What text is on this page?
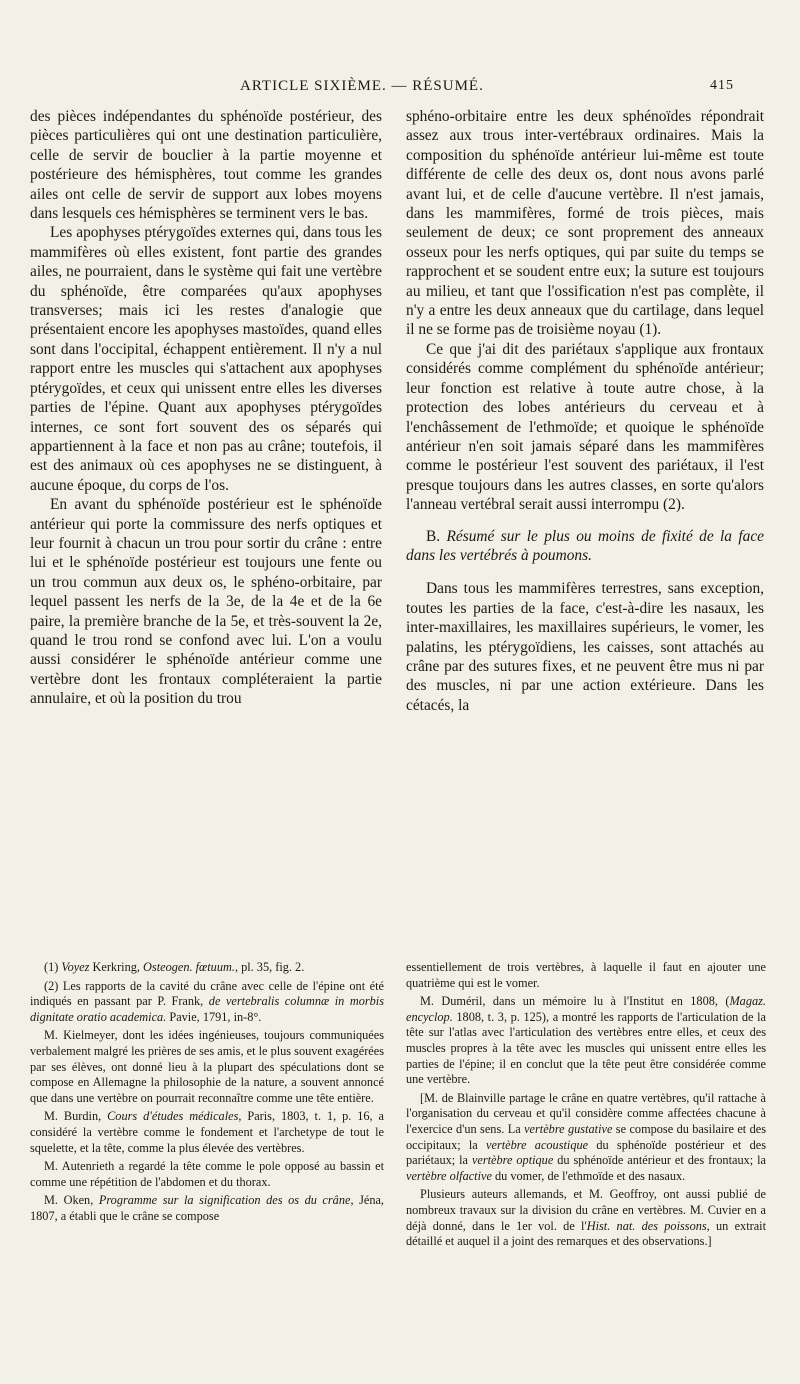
ARTICLE SIXIÈME. — RÉSUMÉ.	415

des pièces indépendantes du sphénoïde postérieur, des pièces particulières qui ont une destination particulière, celle de servir de bouclier à la partie moyenne et postérieure des hémisphères, tout comme les grandes ailes ont celle de servir de support aux lobes moyens dans lesquels ces hémisphères se terminent vers le bas.

Les apophyses ptérygoïdes externes qui, dans tous les mammifères où elles existent, font partie des grandes ailes, ne pourraient, dans le système qui fait une vertèbre du sphénoïde, être comparées qu'aux apophyses transverses; mais ici les restes d'analogie que présentaient encore les apophyses mastoïdes, quand elles sont dans l'occipital, échappent entièrement. Il n'y a nul rapport entre les muscles qui s'attachent aux apophyses ptérygoïdes, et ceux qui unissent entre elles les diverses parties de l'épine. Quant aux apophyses ptérygoïdes internes, ce sont fort souvent des os séparés qui appartiennent à la face et non pas au crâne; toutefois, il est des animaux où ces apophyses ne se distinguent, à aucune époque, du corps de l'os.

En avant du sphénoïde postérieur est le sphénoïde antérieur qui porte la commissure des nerfs optiques et leur fournit à chacun un trou pour sortir du crâne : entre lui et le sphénoïde postérieur est toujours une fente ou un trou commun aux deux os, le sphéno-orbitaire, par lequel passent les nerfs de la 3e, de la 4e et de la 6e paire, la première branche de la 5e, et très-souvent la 2e, quand le trou rond se confond avec lui. L'on a voulu aussi considérer le sphénoïde antérieur comme une vertèbre dont les frontaux compléteraient la partie annulaire, et où la position du trou

sphéno-orbitaire entre les deux sphénoïdes répondrait assez aux trous inter-vertébraux ordinaires. Mais la composition du sphénoïde antérieur lui-même est toute différente de celle des deux os, dont nous avons parlé avant lui, et de celle d'aucune vertèbre. Il n'est jamais, dans les mammifères, formé de trois pièces, mais seulement de deux; ce sont proprement des anneaux osseux pour les nerfs optiques, qui par suite du temps se rapprochent et se soudent entre eux; la suture est toujours au milieu, et tant que l'ossification n'est pas complète, il n'y a entre les deux anneaux que du cartilage, dans lequel il ne se forme pas de troisième noyau (1).

Ce que j'ai dit des pariétaux s'applique aux frontaux considérés comme complément du sphénoïde antérieur; leur fonction est relative à toute autre chose, à la protection des lobes antérieurs du cerveau et à l'enchâssement de l'ethmoïde; et quoique le sphénoïde antérieur n'en soit jamais séparé dans les mammifères comme le postérieur l'est souvent des pariétaux, il l'est presque toujours dans les autres classes, en sorte qu'alors l'anneau vertébral serait aussi interrompu (2).

B. Résumé sur le plus ou moins de fixité de la face dans les vertébrés à poumons.

Dans tous les mammifères terrestres, sans exception, toutes les parties de la face, c'est-à-dire les nasaux, les inter-maxillaires, les maxillaires supérieurs, le vomer, les palatins, les ptérygoïdiens, les caisses, sont attachés au crâne par des sutures fixes, et ne peuvent être mus ni par des muscles, ni par une action extérieure. Dans les cétacés, la

(1) Voyez Kerkring, Osteogen. fœtuum., pl. 35, fig. 2.

(2) Les rapports de la cavité du crâne avec celle de l'épine ont été indiqués en passant par P. Frank, de vertebralis columnæ in morbis dignitate oratio academica. Pavie, 1791, in-8°.

M. Kielmeyer, dont les idées ingénieuses, toujours communiquées verbalement malgré les prières de ses amis, et le plus souvent exagérées par ses élèves, ont donné lieu à la plupart des spéculations dont se compose en Allemagne la philosophie de la nature, a souvent annoncé que dans une vertèbre on pourrait reconnaître comme une tête entière.

M. Burdin, Cours d'études médicales, Paris, 1803, t. 1, p. 16, a considéré la vertèbre comme le fondement et l'archetype de tout le squelette, et la tête, comme la plus élevée des vertèbres.

M. Autenrieth a regardé la tête comme le pole opposé au bassin et comme une répétition de l'abdomen et du thorax.

M. Oken, Programme sur la signification des os du crâne, Jéna, 1807, a établi que le crâne se compose

essentiellement de trois vertèbres, à laquelle il faut en ajouter une quatrième qui est le vomer.

M. Duméril, dans un mémoire lu à l'Institut en 1808, (Magaz. encyclop. 1808, t. 3, p. 125), a montré les rapports de l'articulation de la tête sur l'atlas avec l'articulation des vertèbres entre elles, et ceux des muscles propres à la tête avec les muscles qui unissent entre elles les parties de l'épine; il en conclut que la tête peut être considérée comme une vertèbre.

[M. de Blainville partage le crâne en quatre vertèbres, qu'il rattache à l'organisation du cerveau et qu'il considère comme affectées chacune à l'exercice d'un sens. La vertèbre gustative se compose du basilaire et des occipitaux; la vertèbre acoustique du sphénoïde postérieur et des pariétaux; la vertèbre optique du sphénoïde antérieur et des frontaux; la vertèbre olfactive du vomer, de l'ethmoïde et des nasaux.

Plusieurs auteurs allemands, et M. Geoffroy, ont aussi publié de nombreux travaux sur la division du crâne en vertèbres. M. Cuvier en a déjà donné, dans le 1er vol. de l'Hist. nat. des poissons, un extrait détaillé et auquel il a joint des remarques et des observations.]
